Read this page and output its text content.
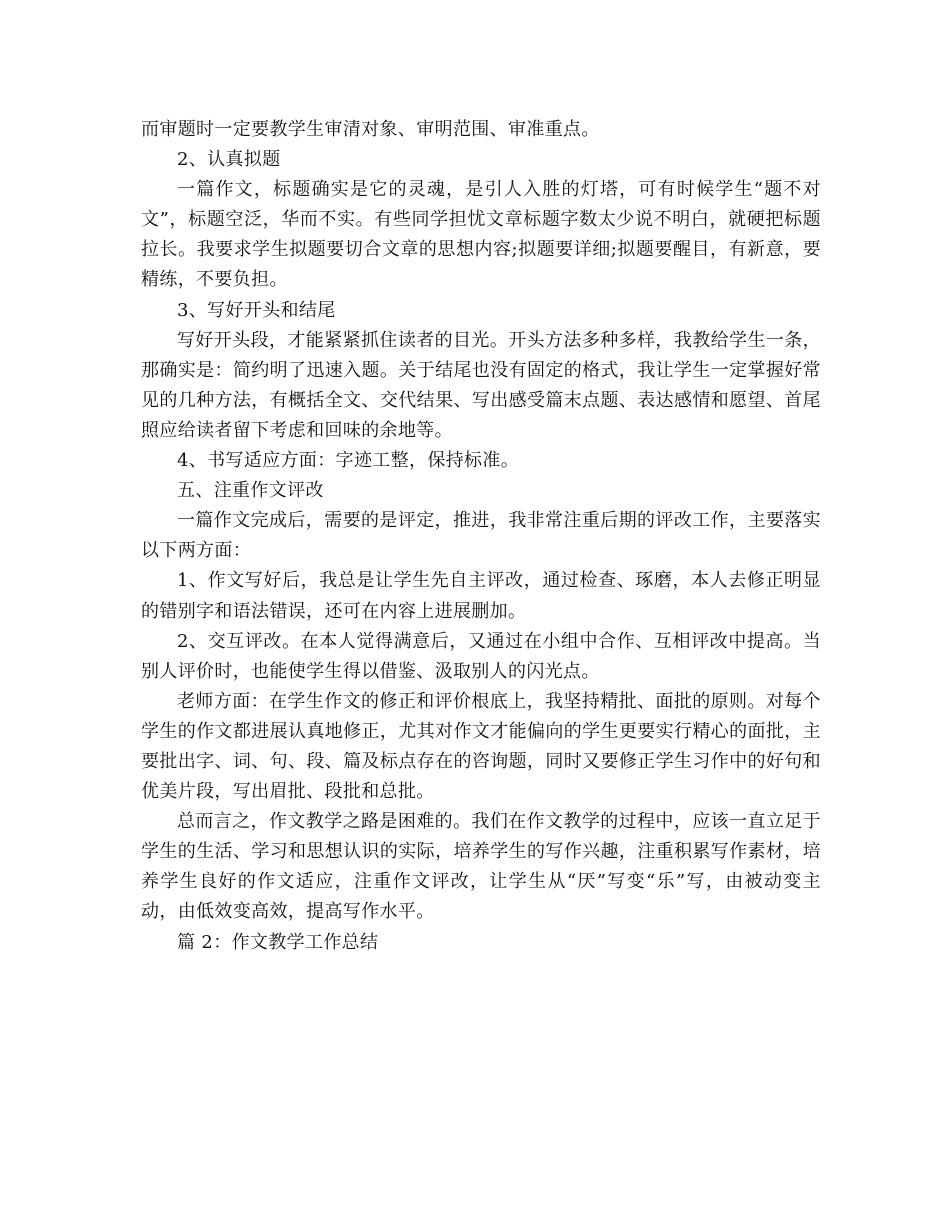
而审题时一定要教学生审清对象、审明范围、审准重点。

2、认真拟题

一篇作文，标题确实是它的灵魂，是引人入胜的灯塔，可有时候学生“题不对文”，标题空泛，华而不实。有些同学担忧文章标题字数太少说不明白，就硬把标题拉长。我要求学生拟题要切合文章的思想内容;拟题要详细;拟题要醒目，有新意，要精练，不要负担。

3、写好开头和结尾

写好开头段，才能紧紧抓住读者的目光。开头方法多种多样，我教给学生一条，那确实是：简约明了迅速入题。关于结尾也没有固定的格式，我让学生一定掌握好常见的几种方法，有概括全文、交代结果、写出感受篇末点题、表达感情和愿望、首尾照应给读者留下考虑和回味的余地等。

4、书写适应方面：字迹工整，保持标准。

五、注重作文评改

一篇作文完成后，需要的是评定，推进，我非常注重后期的评改工作，主要落实以下两方面：

1、作文写好后，我总是让学生先自主评改，通过检查、琢磨，本人去修正明显的错别字和语法错误，还可在内容上进展删加。

2、交互评改。在本人觉得满意后，又通过在小组中合作、互相评改中提高。当别人评价时，也能使学生得以借鉴、汲取别人的闪光点。

老师方面：在学生作文的修正和评价根底上，我坚持精批、面批的原则。对每个学生的作文都进展认真地修正，尤其对作文才能偏向的学生更要实行精心的面批，主要批出字、词、句、段、篇及标点存在的咨询题，同时又要修正学生习作中的好句和优美片段，写出眉批、段批和总批。

总而言之，作文教学之路是困难的。我们在作文教学的过程中，应该一直立足于学生的生活、学习和思想认识的实际，培养学生的写作兴趣，注重积累写作素材，培养学生良好的作文适应，注重作文评改，让学生从“厌”写变“乐”写，由被动变主动，由低效变高效，提高写作水平。

篇 2：作文教学工作总结
